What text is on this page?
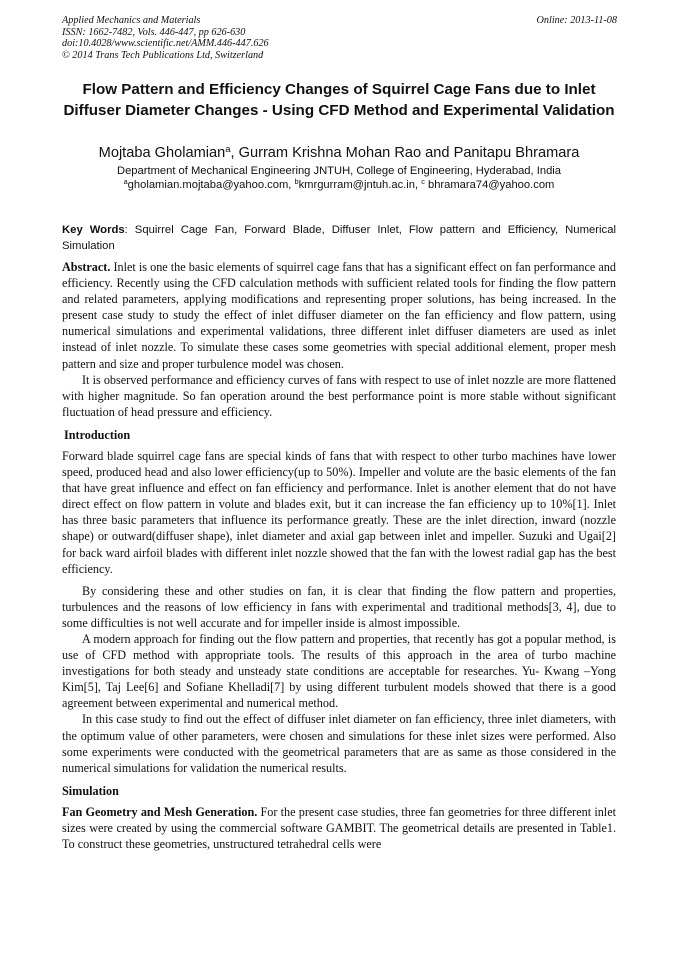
Applied Mechanics and Materials	Online: 2013-11-08
ISSN: 1662-7482, Vols. 446-447, pp 626-630
doi:10.4028/www.scientific.net/AMM.446-447.626
© 2014 Trans Tech Publications Ltd, Switzerland
Flow Pattern and Efficiency Changes of Squirrel Cage Fans due to Inlet Diffuser Diameter Changes - Using CFD Method and Experimental Validation
Mojtaba Gholamian$^a$, Gurram Krishna Mohan Rao and Panitapu Bhramara
Department of Mechanical Engineering JNTUH, College of Engineering, Hyderabad, India
$^a$gholamian.mojtaba@yahoo.com, $^b$kmrgurram@jntuh.ac.in, $^c$ bhramara74@yahoo.com
Key Words: Squirrel Cage Fan, Forward Blade, Diffuser Inlet, Flow pattern and Efficiency, Numerical Simulation

Abstract. Inlet is one the basic elements of squirrel cage fans that has a significant effect on fan performance and efficiency. Recently using the CFD calculation methods with sufficient related tools for finding the flow pattern and related parameters, applying modifications and representing proper solutions, has being increased. In the present case study to study the effect of inlet diffuser diameter on the fan efficiency and flow pattern, using numerical simulations and experimental validations, three different inlet diffuser diameters are used as inlet instead of inlet nozzle. To simulate these cases some geometries with special additional element, proper mesh pattern and size and proper turbulence model was chosen.

It is observed performance and efficiency curves of fans with respect to use of inlet nozzle are more flattened with higher magnitude. So fan operation around the best performance point is more stable without significant fluctuation of head pressure and efficiency.

Introduction

Forward blade squirrel cage fans are special kinds of fans that with respect to other turbo machines have lower speed, produced head and also lower efficiency(up to 50%). Impeller and volute are the basic elements of the fan that have great influence and effect on fan efficiency and performance. Inlet is another element that do not have direct effect on flow pattern in volute and blades exit, but it can increase the fan efficiency up to 10%[1]. Inlet has three basic parameters that influence its performance greatly. These are the inlet direction, inward (nozzle shape) or outward(diffuser shape), inlet diameter and axial gap between inlet and impeller. Suzuki and Ugai[2] for back ward airfoil blades with different inlet nozzle showed that the fan with the lowest radial gap has the best efficiency.

By considering these and other studies on fan, it is clear that finding the flow pattern and properties, turbulences and the reasons of low efficiency in fans with experimental and traditional methods[3, 4], due to some difficulties is not well accurate and for impeller inside is almost impossible.

A modern approach for finding out the flow pattern and properties, that recently has got a popular method, is use of CFD method with appropriate tools. The results of this approach in the area of turbo machine investigations for both steady and unsteady state conditions are acceptable for researches. Yu- Kwang –Yong Kim[5], Taj Lee[6] and Sofiane Khelladi[7] by using different turbulent models showed that there is a good agreement between experimental and numerical method.

In this case study to find out the effect of diffuser inlet diameter on fan efficiency, three inlet diameters, with the optimum value of other parameters, were chosen and simulations for these inlet sizes were performed. Also some experiments were conducted with the geometrical parameters that are as same as those considered in the numerical simulations for validation the numerical results.

Simulation

Fan Geometry and Mesh Generation. For the present case studies, three fan geometries for three different inlet sizes were created by using the commercial software GAMBIT. The geometrical details are presented in Table1. To construct these geometries, unstructured tetrahedral cells were
